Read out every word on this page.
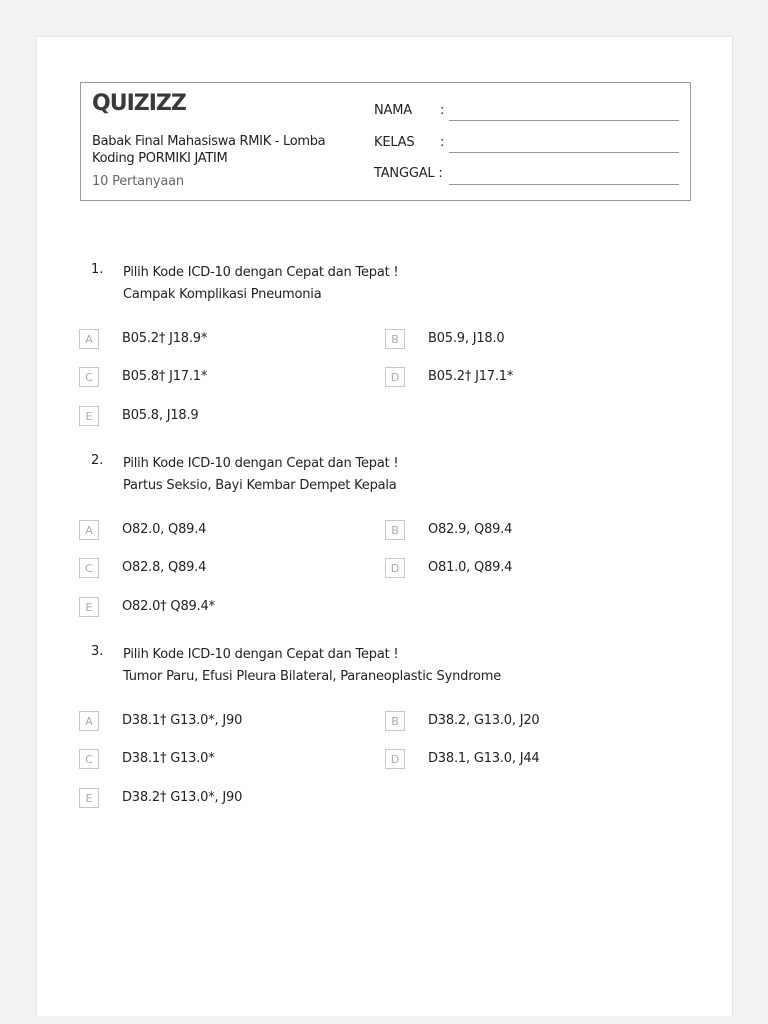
QUIZIZZ
Babak Final Mahasiswa RMIK - Lomba Koding PORMIKI JATIM
10 Pertanyaan
NAMA :
KELAS :
TANGGAL :
1. Pilih Kode ICD-10 dengan Cepat dan Tepat !
Campak Komplikasi Pneumonia
A	B05.2† J18.9*	B	B05.9, J18.0
C	B05.8† J17.1*	D	B05.2† J17.1*
E	B05.8, J18.9
2. Pilih Kode ICD-10 dengan Cepat dan Tepat !
Partus Seksio, Bayi Kembar Dempet Kepala
A	O82.0, Q89.4	B	O82.9, Q89.4
C	O82.8, Q89.4	D	O81.0, Q89.4
E	O82.0† Q89.4*
3. Pilih Kode ICD-10 dengan Cepat dan Tepat !
Tumor Paru, Efusi Pleura Bilateral, Paraneoplastic Syndrome
A	D38.1† G13.0*, J90	B	D38.2, G13.0, J20
C	D38.1† G13.0*	D	D38.1, G13.0, J44
E	D38.2† G13.0*, J90
